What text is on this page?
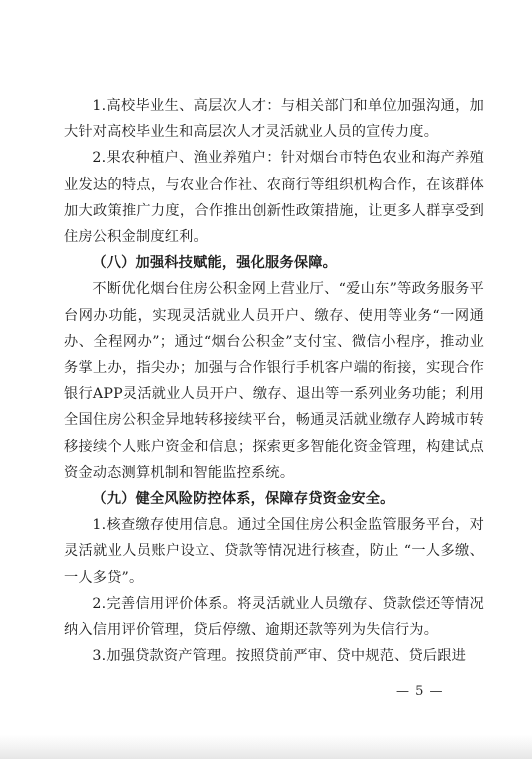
1.高校毕业生、高层次人才：与相关部门和单位加强沟通，加大针对高校毕业生和高层次人才灵活就业人员的宣传力度。

2.果农种植户、渔业养殖户：针对烟台市特色农业和海产养殖业发达的特点，与农业合作社、农商行等组织机构合作，在该群体加大政策推广力度，合作推出创新性政策措施，让更多人群享受到住房公积金制度红利。

（八）加强科技赋能，强化服务保障。

不断优化烟台住房公积金网上营业厅、“爱山东”等政务服务平台网办功能，实现灵活就业人员开户、缴存、使用等业务“一网通办、全程网办”；通过“烟台公积金”支付宝、微信小程序，推动业务掌上办，指尖办；加强与合作银行手机客户端的衔接，实现合作银行APP灵活就业人员开户、缴存、退出等一系列业务功能；利用全国住房公积金异地转移接续平台，畅通灵活就业缴存人跨城市转移接续个人账户资金和信息；探索更多智能化资金管理，构建试点资金动态测算机制和智能监控系统。

（九）健全风险防控体系，保障存贷资金安全。

1.核查缴存使用信息。通过全国住房公积金监管服务平台，对灵活就业人员账户设立、贷款等情况进行核查，防止 “一人多缴、一人多贷”。

2.完善信用评价体系。将灵活就业人员缴存、贷款偿还等情况纳入信用评价管理，贷后停缴、逾期还款等列为失信行为。

3.加强贷款资产管理。按照贷前严审、贷中规范、贷后跟进

— 5 —
